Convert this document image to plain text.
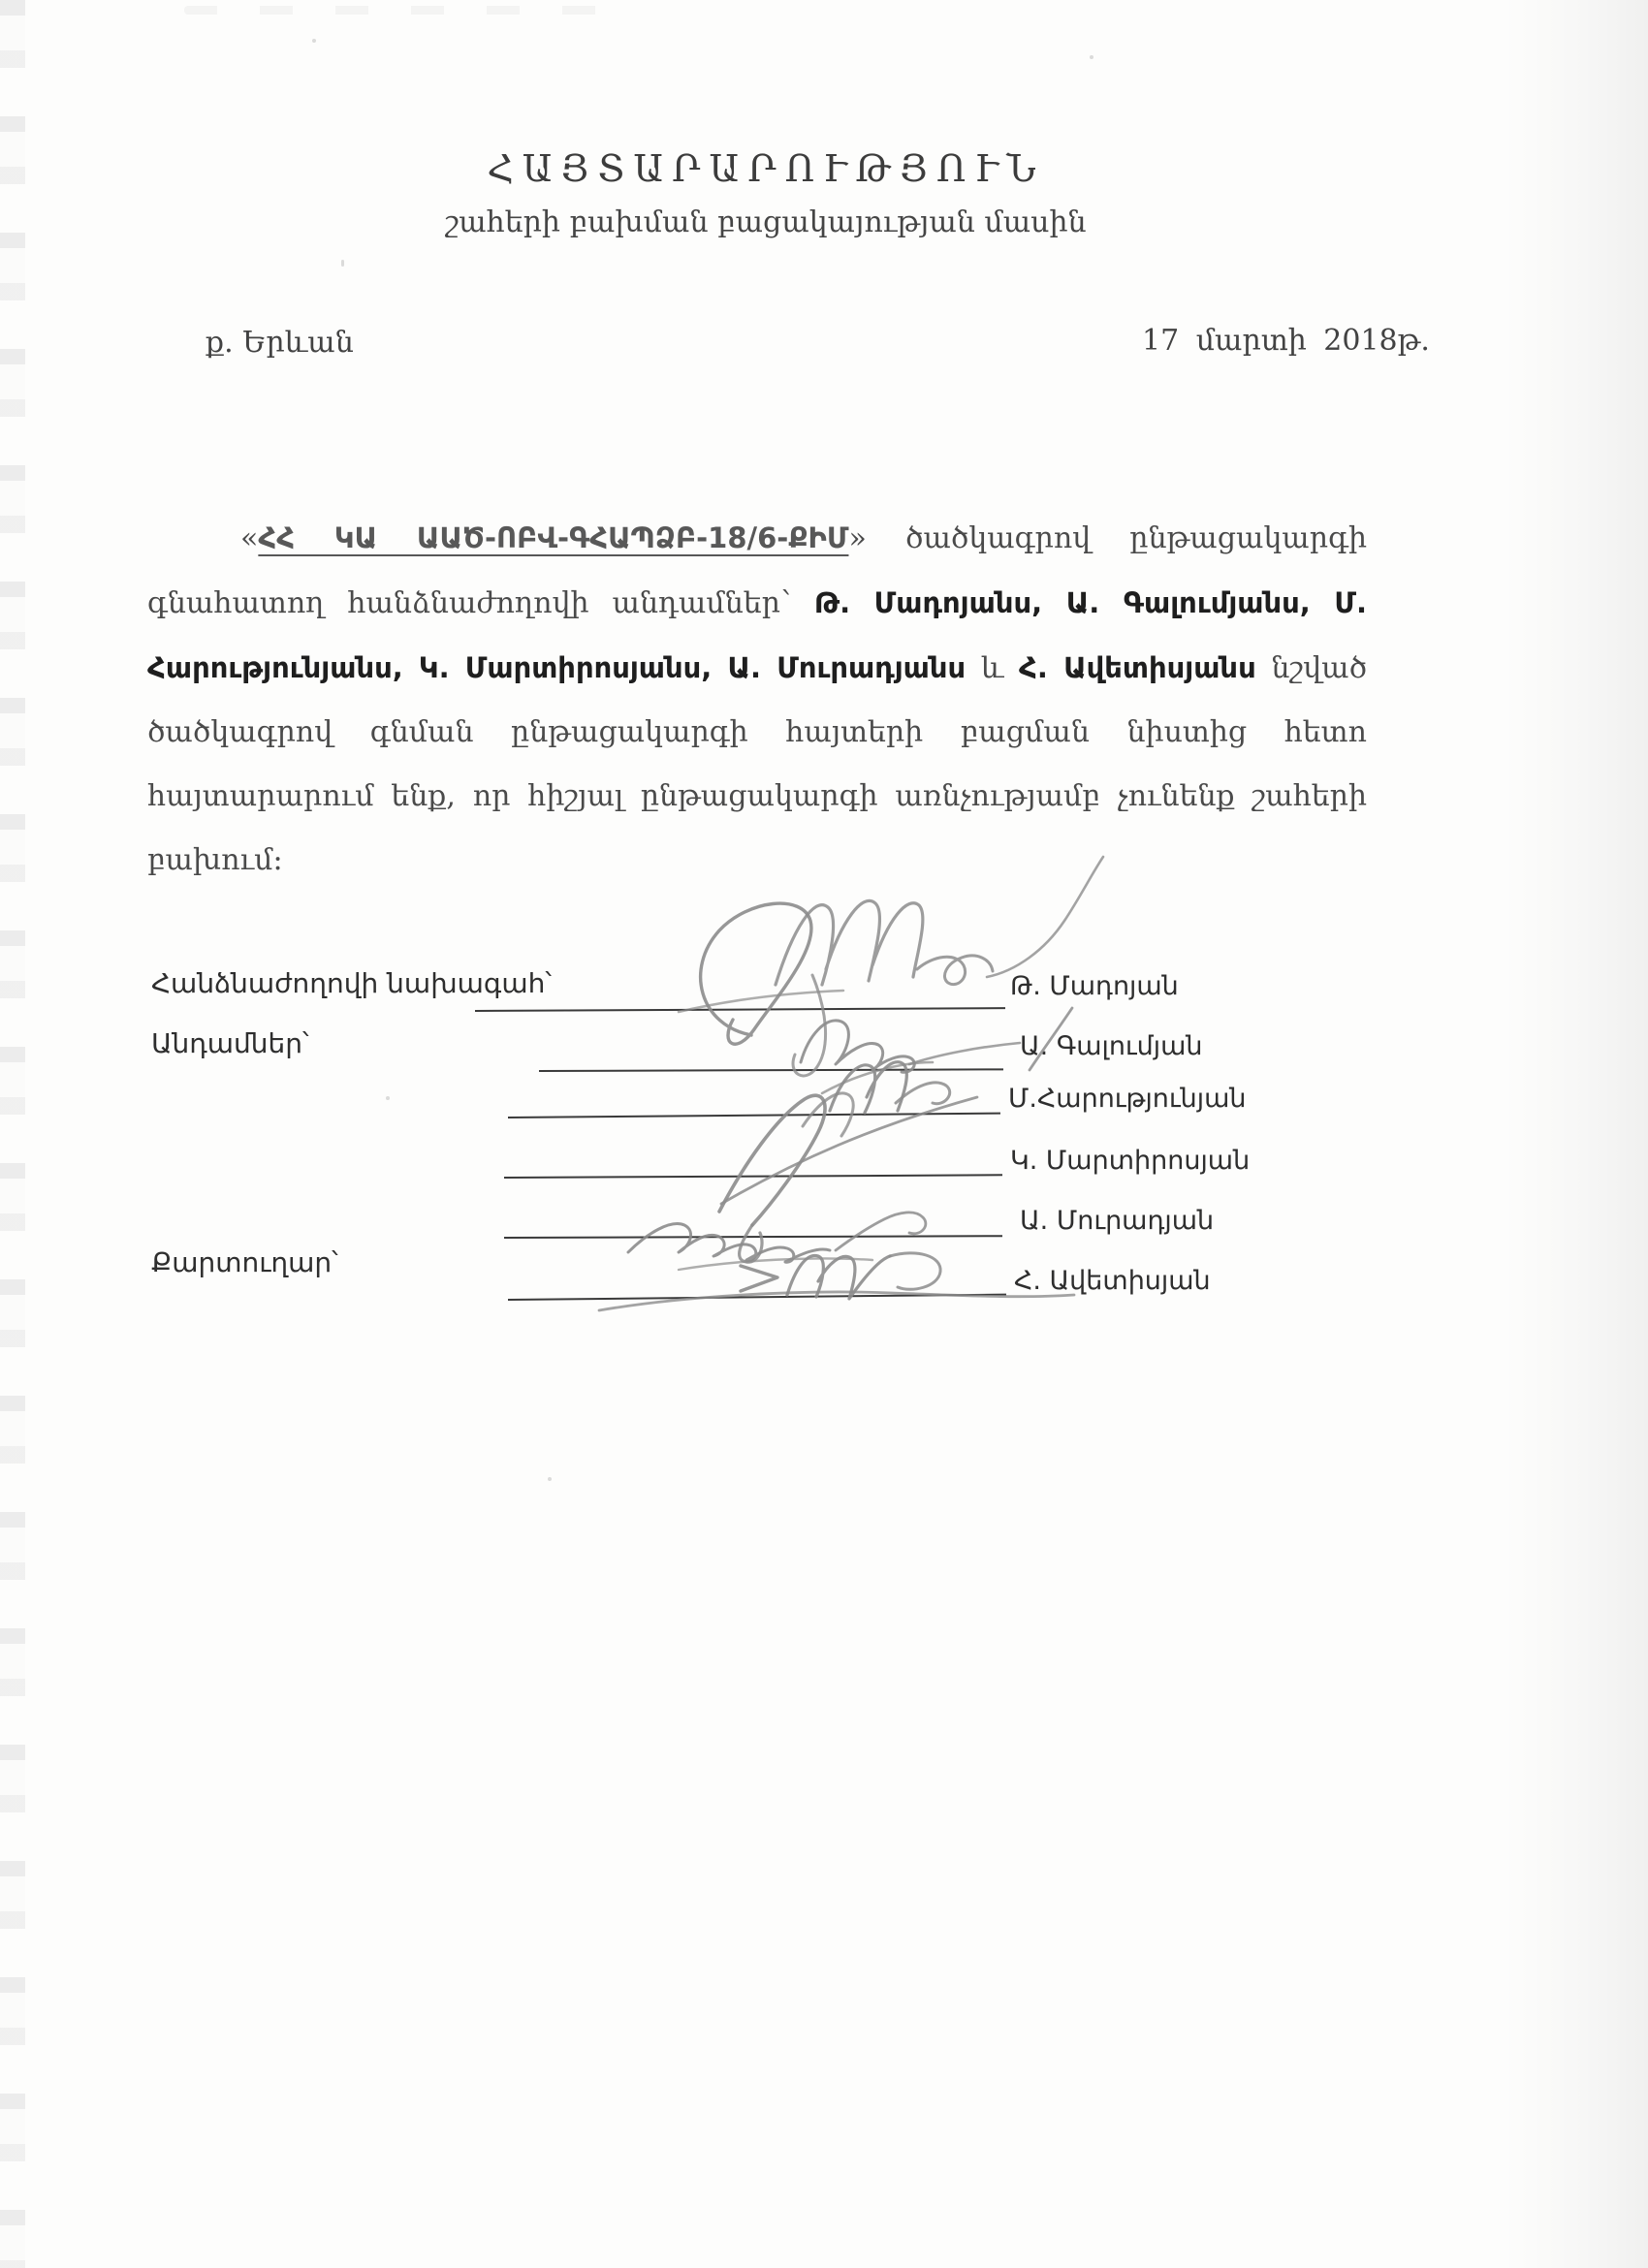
ՀԱՅՏԱՐԱՐՈՒԹՅՈՒՆ
շահերի բախման բացակայության մասին
ք. Երևան	17 մարտի 2018թ.

«ՀՀ ԿԱ ԱԱԾ-ՈԲՎ-ԳՀԱՊՁԲ-18/6-ՔԻՄ» ծածկագրով ընթացակարգի գնահատող հանձնաժողովի անդամներ՝ Թ. Մադոյանս, Ա. Գալումյանս, Մ. Հարությունյանս, Կ. Մարտիրոսյանս, Ա. Մուրադյանս և Հ. Ավետիսյանս նշված ծածկագրով գնման ընթացակարգի հայտերի բացման նիստից հետո հայտարարում ենք, որ հիշյալ ընթացակարգի առնչությամբ չունենք շահերի բախում։

Հանձնաժողովի նախագահ՝
Անդամներ՝
Քարտուղար՝
Թ. Մադոյան
Ա. Գալումյան
Մ.Հարությունյան
Կ. Մարտիրոսյան
Ա. Մուրադյան
Հ. Ավետիսյան
